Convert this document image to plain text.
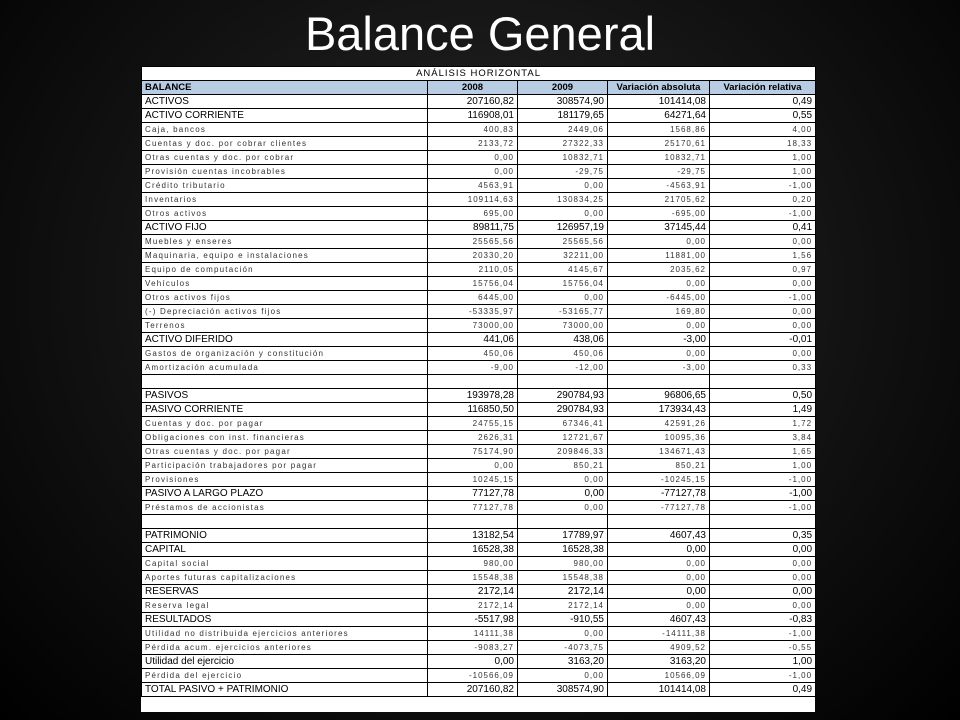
Balance General
ANÁLISIS HORIZONTAL				
BALANCE	2008	2009	Variación absoluta	Variación relativa
ACTIVOS	207160,82	308574,90	101414,08	0,49
ACTIVO CORRIENTE	116908,01	181179,65	64271,64	0,55
Caja, bancos	400,83	2449,06	1568,86	4,00
Cuentas y doc. por cobrar clientes	2133,72	27322,33	25170,61	18,33
Otras cuentas y doc. por cobrar	0,00	10832,71	10832,71	1,00
Provisión cuentas incobrables	0,00	-29,75	-29,75	1,00
Crédito tributario	4563,91	0,00	-4563,91	-1,00
Inventarios	109114,63	130834,25	21705,62	0,20
Otros activos	695,00	0,00	-695,00	-1,00
ACTIVO FIJO	89811,75	126957,19	37145,44	0,41
Muebles y enseres	25565,56	25565,56	0,00	0,00
Maquinaria, equipo e instalaciones	20330,20	32211,00	11881,00	1,56
Equipo de computación	2110,05	4145,67	2035,62	0,97
Vehículos	15756,04	15756,04	0,00	0,00
Otros activos fijos	6445,00	0,00	-6445,00	-1,00
(-) Depreciación activos fijos	-53335,97	-53165,77	169,80	0,00
Terrenos	73000,00	73000,00	0,00	0,00
ACTIVO DIFERIDO	441,06	438,06	-3,00	-0,01
Gastos de organización y constitución	450,06	450,06	0,00	0,00
Amortización acumulada	-9,00	-12,00	-3,00	0,33

PASIVOS	193978,28	290784,93	96806,65	0,50
PASIVO CORRIENTE	116850,50	290784,93	173934,43	1,49
Cuentas y doc. por pagar	24755,15	67346,41	42591,26	1,72
Obligaciones con inst. financieras	2626,31	12721,67	10095,36	3,84
Otras cuentas y doc. por pagar	75174,90	209846,33	134671,43	1,65
Participación trabajadores por pagar	0,00	850,21	850,21	1,00
Provisiones	10245,15	0,00	-10245,15	-1,00
PASIVO A LARGO PLAZO	77127,78	0,00	-77127,78	-1,00
Préstamos de accionistas	77127,78	0,00	-77127,78	-1,00

PATRIMONIO	13182,54	17789,97	4607,43	0,35
CAPITAL	16528,38	16528,38	0,00	0,00
Capital social	980,00	980,00	0,00	0,00
Aportes futuras capitalizaciones	15548,38	15548,38	0,00	0,00
RESERVAS	2172,14	2172,14	0,00	0,00
Reserva legal	2172,14	2172,14	0,00	0,00
RESULTADOS	-5517,98	-910,55	4607,43	-0,83
Utilidad no distribuida ejercicios anteriores	14111,38	0,00	-14111,38	-1,00
Pérdida acum. ejercicios anteriores	-9083,27	-4073,75	4909,52	-0,55
Utilidad del ejercicio	0,00	3163,20	3163,20	1,00
Pérdida del ejercicio	-10566,09	0,00	10566,09	-1,00
TOTAL PASIVO + PATRIMONIO	207160,82	308574,90	101414,08	0,49
